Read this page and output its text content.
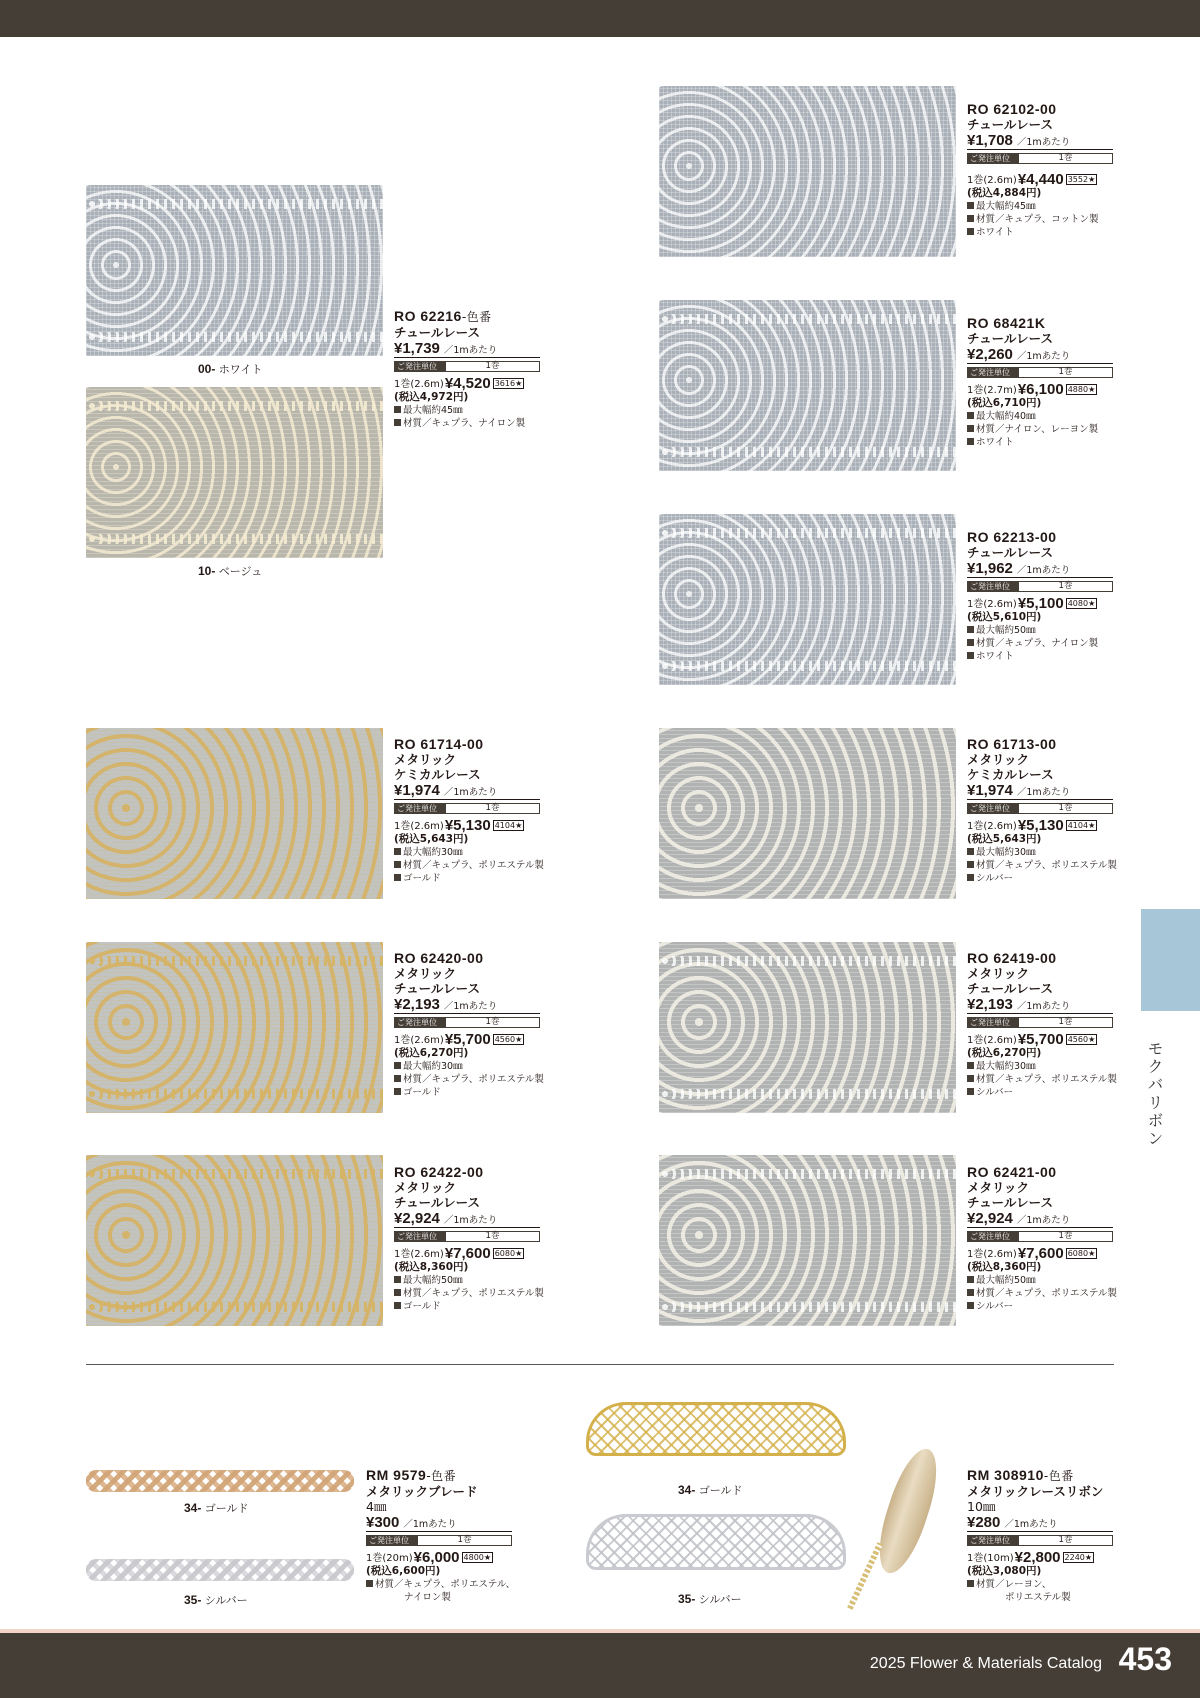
モクバリボン
2025 Flower & Materials Catalog 453
00- ホワイト
10- ベージュ
RO 62216-色番
チュールレース
¥1,739 ／1mあたり
ご発注単位	1巻
1巻(2.6m) ¥4,520 3616★
(税込4,972円)
最大幅約45㎜
材質／キュプラ、ナイロン製
RO 62102-00
チュールレース
¥1,708 ／1mあたり
ご発注単位	1巻
1巻(2.6m) ¥4,440 3552★
(税込4,884円)
最大幅約45㎜
材質／キュプラ、コットン製
ホワイト
RO 68421K
チュールレース
¥2,260 ／1mあたり
ご発注単位	1巻
1巻(2.7m) ¥6,100 4880★
(税込6,710円)
最大幅約40㎜
材質／ナイロン、レーヨン製
ホワイト
RO 62213-00
チュールレース
¥1,962 ／1mあたり
ご発注単位	1巻
1巻(2.6m) ¥5,100 4080★
(税込5,610円)
最大幅約50㎜
材質／キュプラ、ナイロン製
ホワイト
RO 61714-00
メタリック
ケミカルレース
¥1,974 ／1mあたり
ご発注単位	1巻
1巻(2.6m) ¥5,130 4104★
(税込5,643円)
最大幅約30㎜
材質／キュプラ、ポリエステル製
ゴールド
RO 61713-00
メタリック
ケミカルレース
¥1,974 ／1mあたり
ご発注単位	1巻
1巻(2.6m) ¥5,130 4104★
(税込5,643円)
最大幅約30㎜
材質／キュプラ、ポリエステル製
シルバー
RO 62420-00
メタリック
チュールレース
¥2,193 ／1mあたり
ご発注単位	1巻
1巻(2.6m) ¥5,700 4560★
(税込6,270円)
最大幅約30㎜
材質／キュプラ、ポリエステル製
ゴールド
RO 62419-00
メタリック
チュールレース
¥2,193 ／1mあたり
ご発注単位	1巻
1巻(2.6m) ¥5,700 4560★
(税込6,270円)
最大幅約30㎜
材質／キュプラ、ポリエステル製
シルバー
RO 62422-00
メタリック
チュールレース
¥2,924 ／1mあたり
ご発注単位	1巻
1巻(2.6m) ¥7,600 6080★
(税込8,360円)
最大幅約50㎜
材質／キュプラ、ポリエステル製
ゴールド
RO 62421-00
メタリック
チュールレース
¥2,924 ／1mあたり
ご発注単位	1巻
1巻(2.6m) ¥7,600 6080★
(税込8,360円)
最大幅約50㎜
材質／キュプラ、ポリエステル製
シルバー
34- ゴールド
35- シルバー
RM 9579-色番
メタリックブレード
4㎜
¥300 ／1mあたり
ご発注単位	1巻
1巻(20m) ¥6,000 4800★
(税込6,600円)
材質／キュプラ、ポリエステル、
ナイロン製
34- ゴールド
35- シルバー
RM 308910-色番
メタリックレースリボン
10㎜
¥280 ／1mあたり
ご発注単位	1巻
1巻(10m) ¥2,800 2240★
(税込3,080円)
材質／レーヨン、
ポリエステル製
